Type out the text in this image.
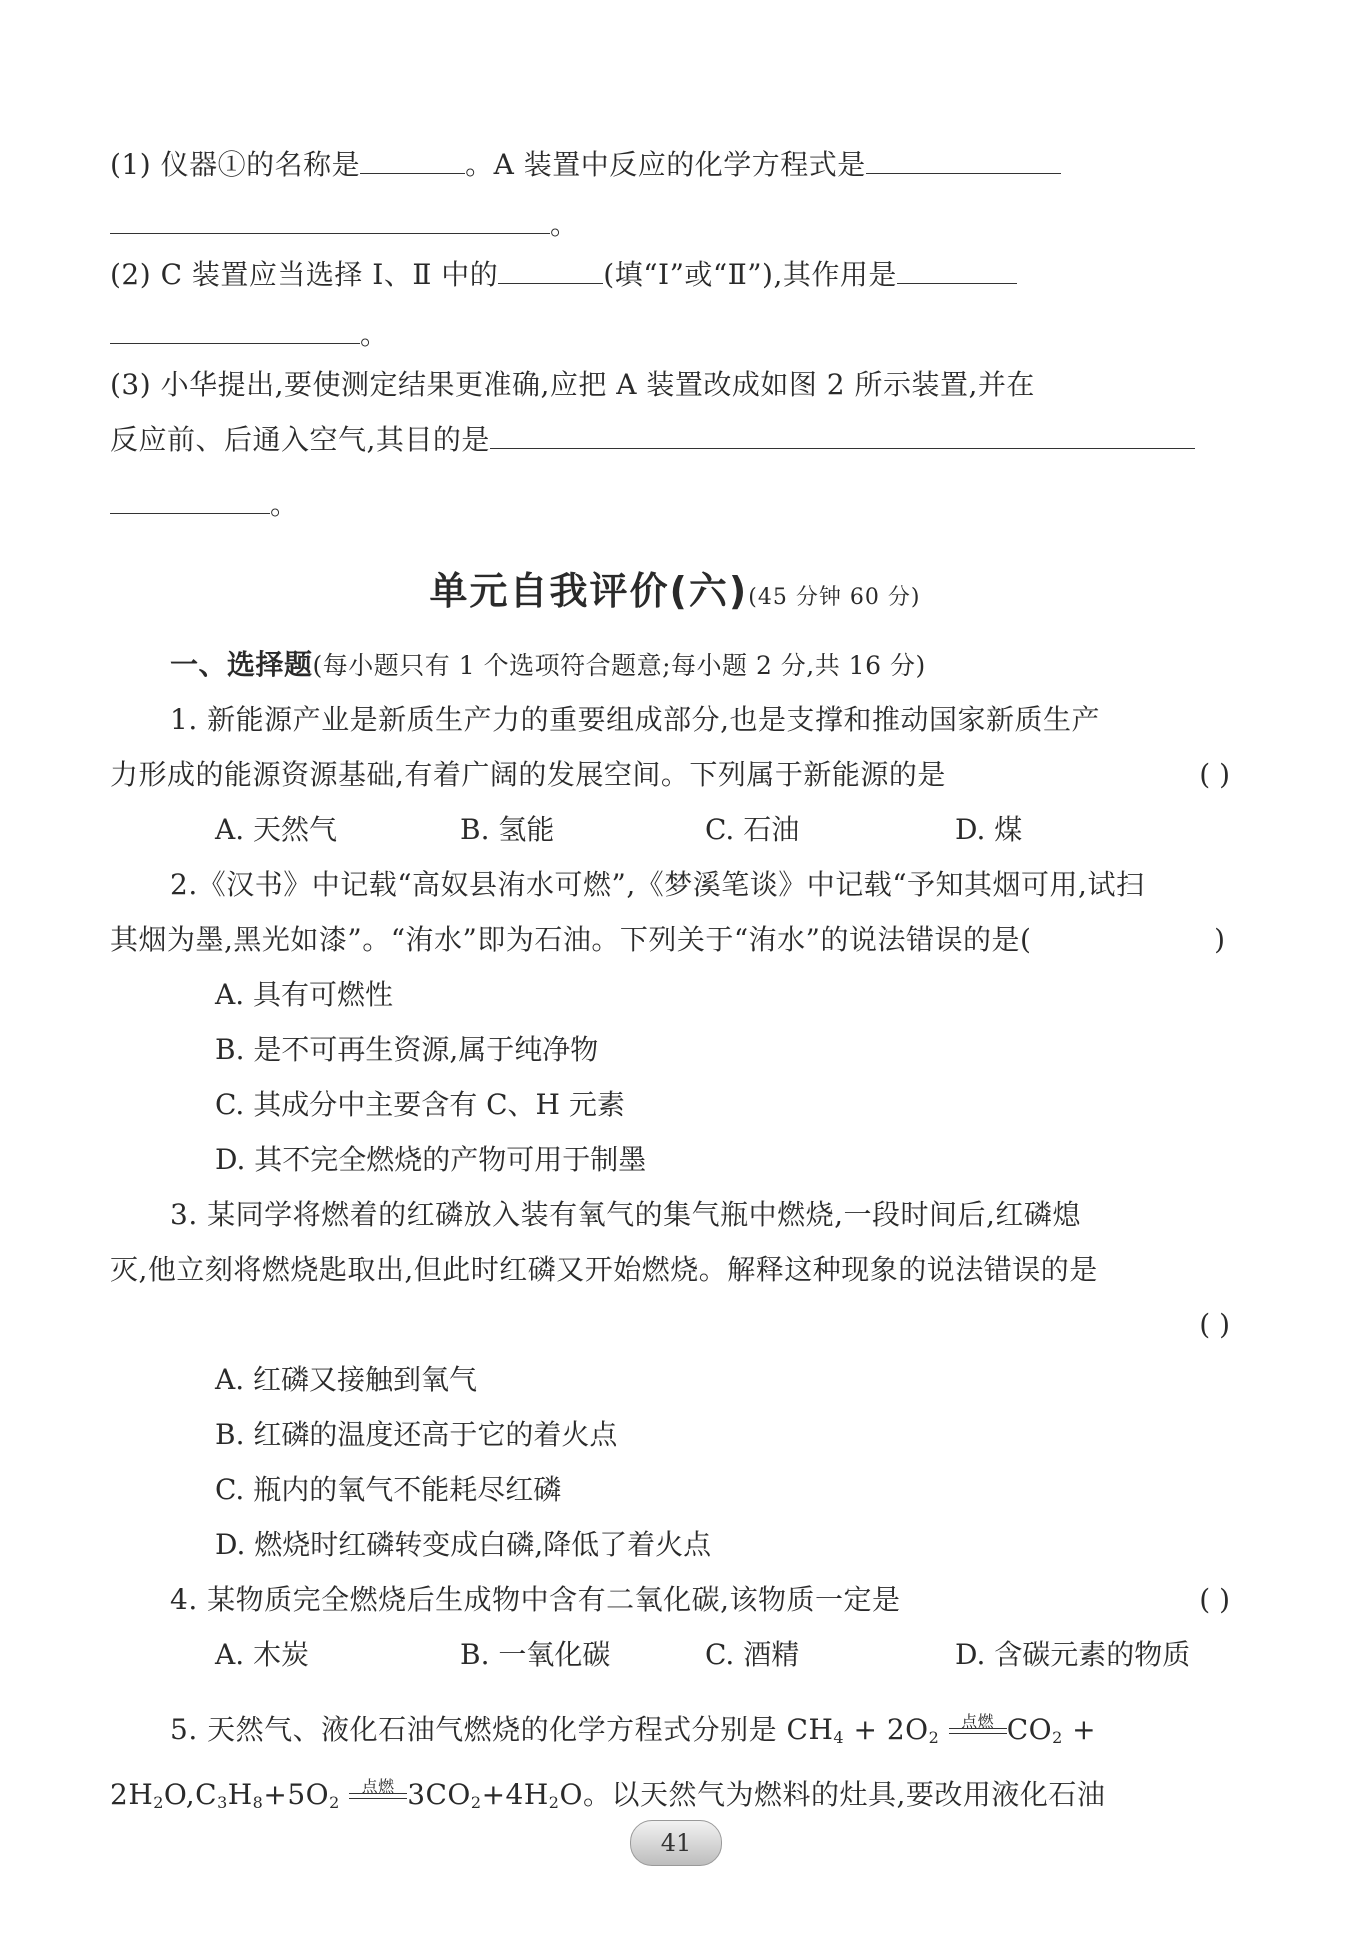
(1) 仪器①的名称是	。A 装置中反应的化学方程式是
。
(2) C 装置应当选择 Ⅰ、Ⅱ 中的	(填“Ⅰ”或“Ⅱ”),其作用是
。
(3) 小华提出,要使测定结果更准确,应把 A 装置改成如图 2 所示装置,并在
反应前、后通入空气,其目的是
。
单元自我评价(六)(45 分钟 60 分)
一、选择题(每小题只有 1 个选项符合题意;每小题 2 分,共 16 分)
1. 新能源产业是新质生产力的重要组成部分,也是支撑和推动国家新质生产
力形成的能源资源基础,有着广阔的发展空间。下列属于新能源的是	( )
A. 天然气	B. 氢能	C. 石油	D. 煤
2.《汉书》中记载“高奴县洧水可燃”,《梦溪笔谈》中记载“予知其烟可用,试扫
其烟为墨,黑光如漆”。“洧水”即为石油。下列关于“洧水”的说法错误的是(	)
A. 具有可燃性
B. 是不可再生资源,属于纯净物
C. 其成分中主要含有 C、H 元素
D. 其不完全燃烧的产物可用于制墨
3. 某同学将燃着的红磷放入装有氧气的集气瓶中燃烧,一段时间后,红磷熄
灭,他立刻将燃烧匙取出,但此时红磷又开始燃烧。解释这种现象的说法错误的是
( )
A. 红磷又接触到氧气
B. 红磷的温度还高于它的着火点
C. 瓶内的氧气不能耗尽红磷
D. 燃烧时红磷转变成白磷,降低了着火点
4. 某物质完全燃烧后生成物中含有二氧化碳,该物质一定是	( )
A. 木炭	B. 一氧化碳	C. 酒精	D. 含碳元素的物质
5. 天然气、液化石油气燃烧的化学方程式分别是 $CH_4 + 2O_2$
点燃 $CO_2$ +
$2H_2O,C_3H_8+5O_2$
点燃 $3CO_2+4H_2O$。以天然气为燃料的灶具,要改用液化石油
41
